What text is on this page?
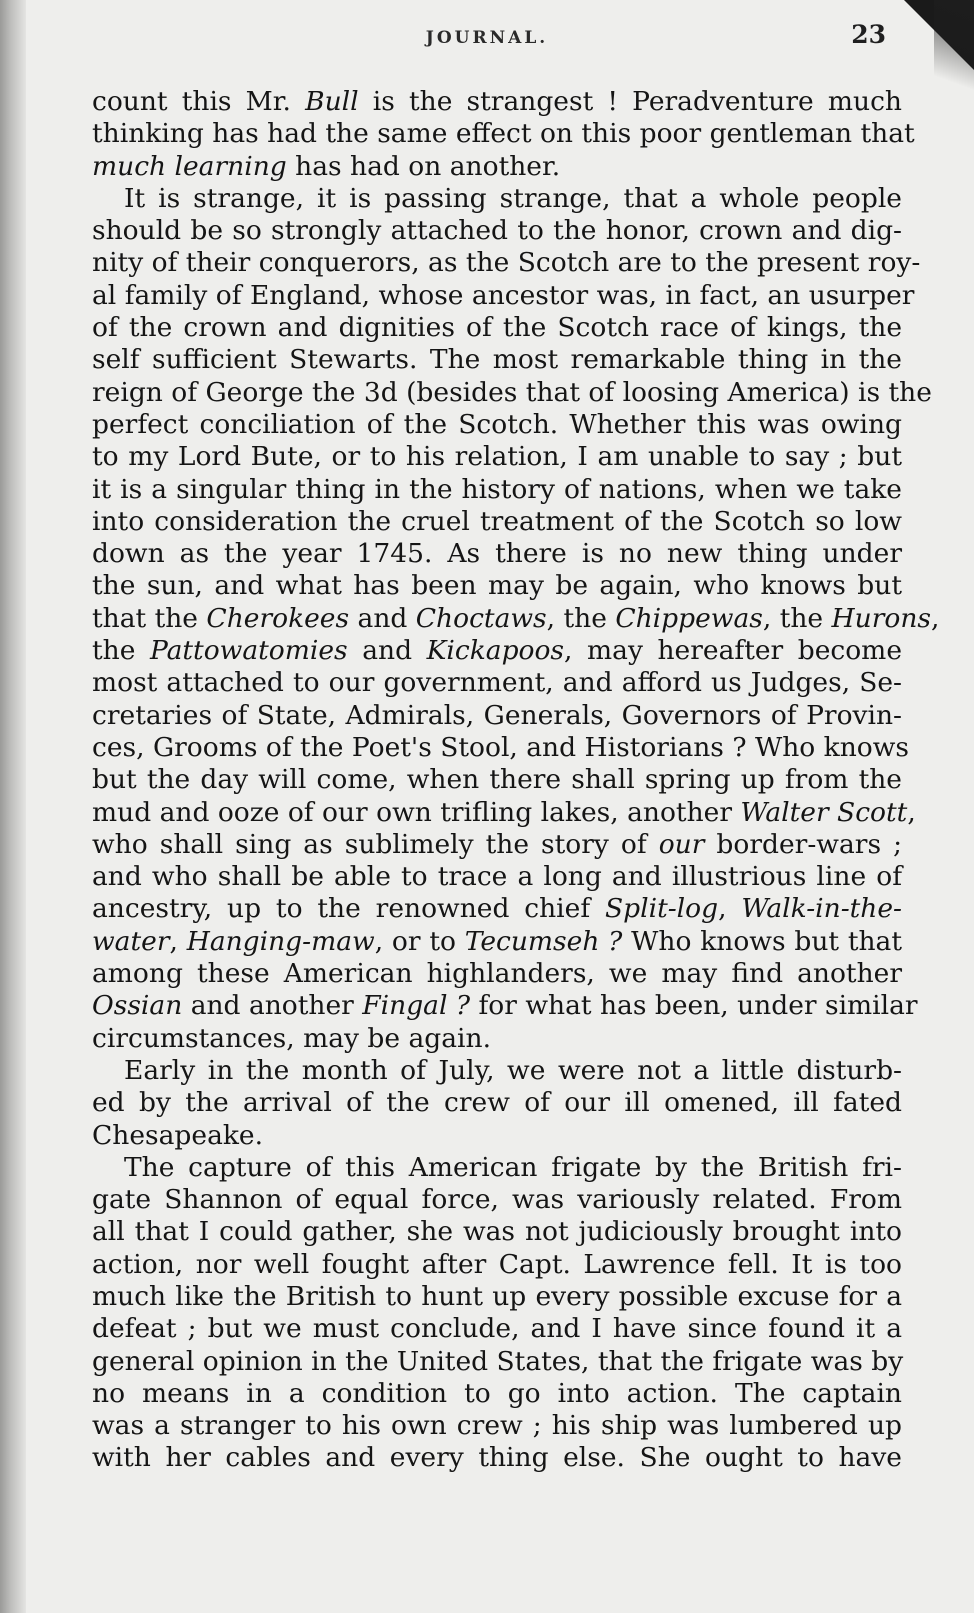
JOURNAL.	23
count this Mr. Bull is the strangest ! Peradventure much
thinking has had the same effect on this poor gentleman that
much learning has had on another.
It is strange, it is passing strange, that a whole people
should be so strongly attached to the honor, crown and dig-
nity of their conquerors, as the Scotch are to the present roy-
al family of England, whose ancestor was, in fact, an usurper
of the crown and dignities of the Scotch race of kings, the
self sufficient Stewarts. The most remarkable thing in the
reign of George the 3d (besides that of loosing America) is the
perfect conciliation of the Scotch. Whether this was owing
to my Lord Bute, or to his relation, I am unable to say ; but
it is a singular thing in the history of nations, when we take
into consideration the cruel treatment of the Scotch so low
down as the year 1745. As there is no new thing under
the sun, and what has been may be again, who knows but
that the Cherokees and Choctaws, the Chippewas, the Hurons,
the Pattowatomies and Kickapoos, may hereafter become
most attached to our government, and afford us Judges, Se-
cretaries of State, Admirals, Generals, Governors of Provin-
ces, Grooms of the Poet's Stool, and Historians ? Who knows
but the day will come, when there shall spring up from the
mud and ooze of our own trifling lakes, another Walter Scott,
who shall sing as sublimely the story of our border-wars ;
and who shall be able to trace a long and illustrious line of
ancestry, up to the renowned chief Split-log, Walk-in-the-
water, Hanging-maw, or to Tecumseh ? Who knows but that
among these American highlanders, we may find another
Ossian and another Fingal ? for what has been, under similar
circumstances, may be again.
Early in the month of July, we were not a little disturb-
ed by the arrival of the crew of our ill omened, ill fated
Chesapeake.
The capture of this American frigate by the British fri-
gate Shannon of equal force, was variously related. From
all that I could gather, she was not judiciously brought into
action, nor well fought after Capt. Lawrence fell. It is too
much like the British to hunt up every possible excuse for a
defeat ; but we must conclude, and I have since found it a
general opinion in the United States, that the frigate was by
no means in a condition to go into action. The captain
was a stranger to his own crew ; his ship was lumbered up
with her cables and every thing else. She ought to have
